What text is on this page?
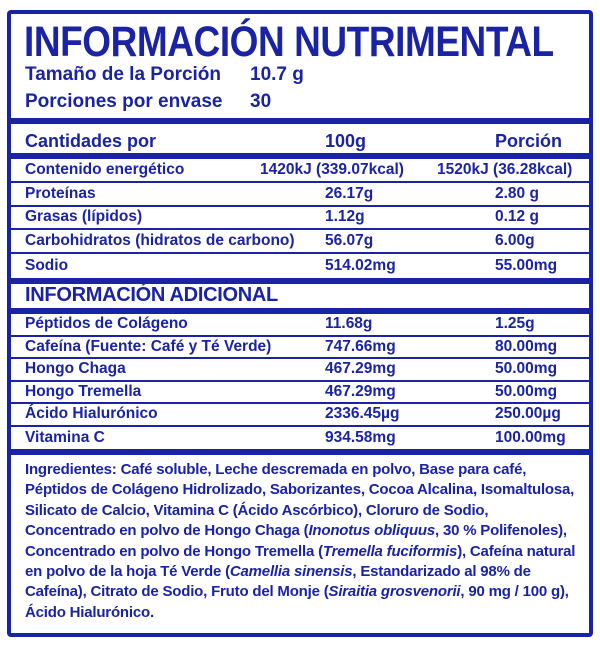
INFORMACIÓN NUTRIMENTAL
Tamaño de la Porción 10.7 g
Porciones por envase 30
Cantidades por	100g	Porción
Contenido energético	1420kJ (339.07kcal) 1520kJ (36.28kcal)
Proteínas	26.17g	2.80 g
Grasas (lípidos)	1.12g	0.12 g
Carbohidratos (hidratos de carbono) 56.07g	6.00g
Sodio	514.02mg	55.00mg
INFORMACIÓN ADICIONAL
Péptidos de Colágeno	11.68g	1.25g
Cafeína (Fuente: Café y Té Verde)	747.66mg	80.00mg
Hongo Chaga	467.29mg	50.00mg
Hongo Tremella	467.29mg	50.00mg
Ácido Hialurónico	2336.45µg	250.00µg
Vitamina C	934.58mg	100.00mg
Ingredientes: Café soluble, Leche descremada en polvo, Base para café, Péptidos de Colágeno Hidrolizado, Saborizantes, Cocoa Alcalina, Isomaltulosa, Silicato de Calcio, Vitamina C (Ácido Ascórbico), Cloruro de Sodio, Concentrado en polvo de Hongo Chaga (Inonotus obliquus, 30 % Polifenoles), Concentrado en polvo de Hongo Tremella (Tremella fuciformis), Cafeína natural en polvo de la hoja Té Verde (Camellia sinensis, Estandarizado al 98% de Cafeína), Citrato de Sodio, Fruto del Monje (Siraitia grosvenorii, 90 mg / 100 g), Ácido Hialurónico.
